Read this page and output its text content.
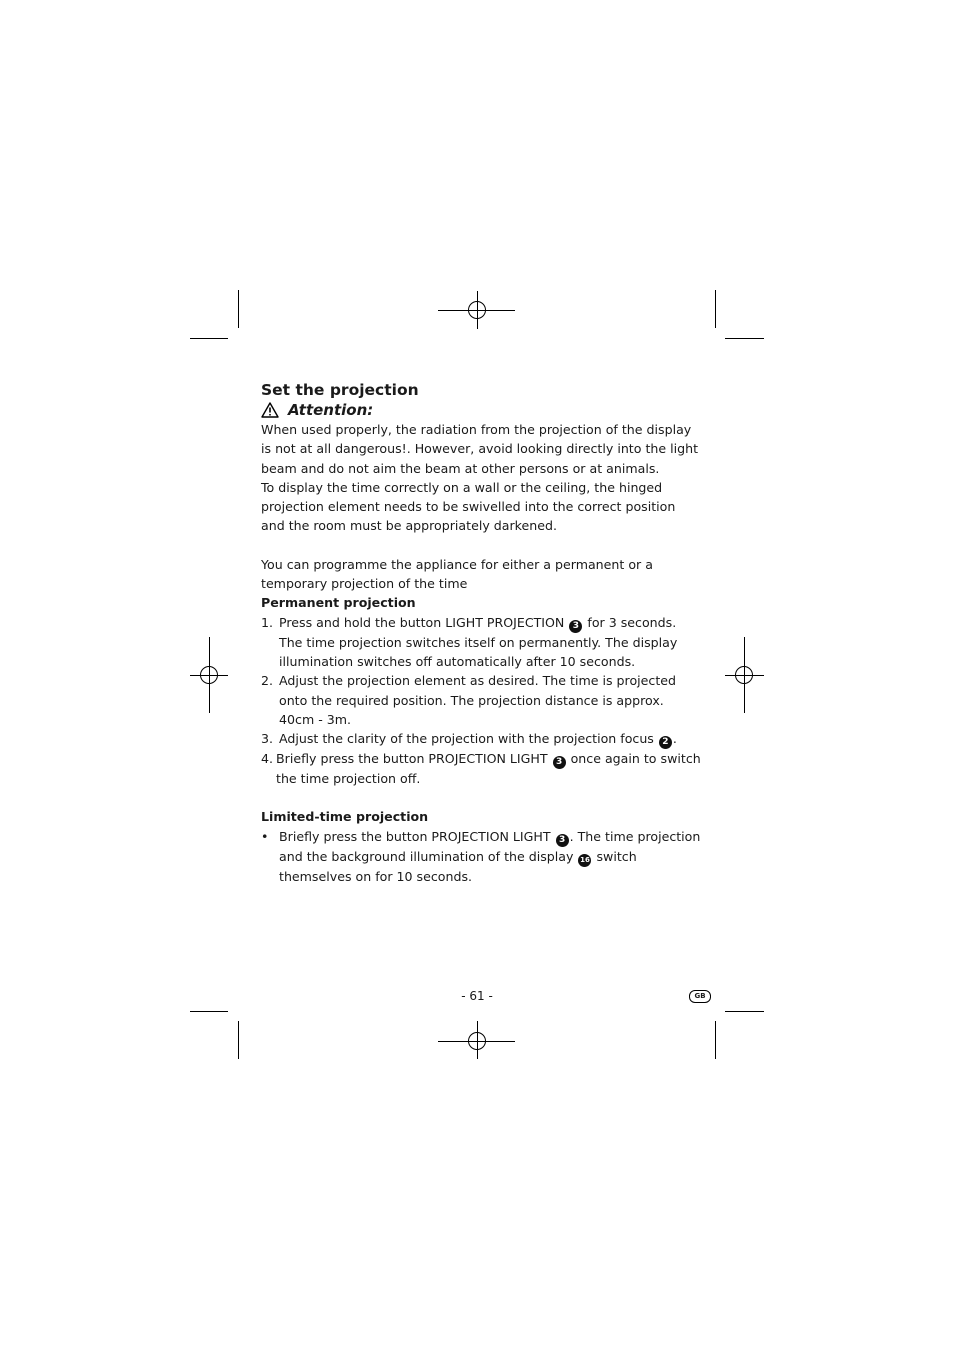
Set the projection
Attention:

When used properly, the radiation from the projection of the display is not at all dangerous!. However, avoid looking directly into the light beam and do not aim the beam at other persons or at animals.

To display the time correctly on a wall or the ceiling, the hinged projection element needs to be swivelled into the correct position and the room must be appropriately darkened.

You can programme the appliance for either a permanent or a temporary projection of the time

Permanent projection

1. Press and hold the button LIGHT PROJECTION 3 for 3 seconds.
The time projection switches itself on permanently. The display illumination switches off automatically after 10 seconds.
2. Adjust the projection element as desired. The time is projected onto the required position. The projection distance is approx. 40cm - 3m.
3. Adjust the clarity of the projection with the projection focus 2 .
4. Briefly press the button PROJECTION LIGHT 3 once again to switch the time projection off.

Limited-time projection

• Briefly press the button PROJECTION LIGHT 3 . The time projection and the background illumination of the display 16 switch themselves on for 10 seconds.
- 61 -	GB
